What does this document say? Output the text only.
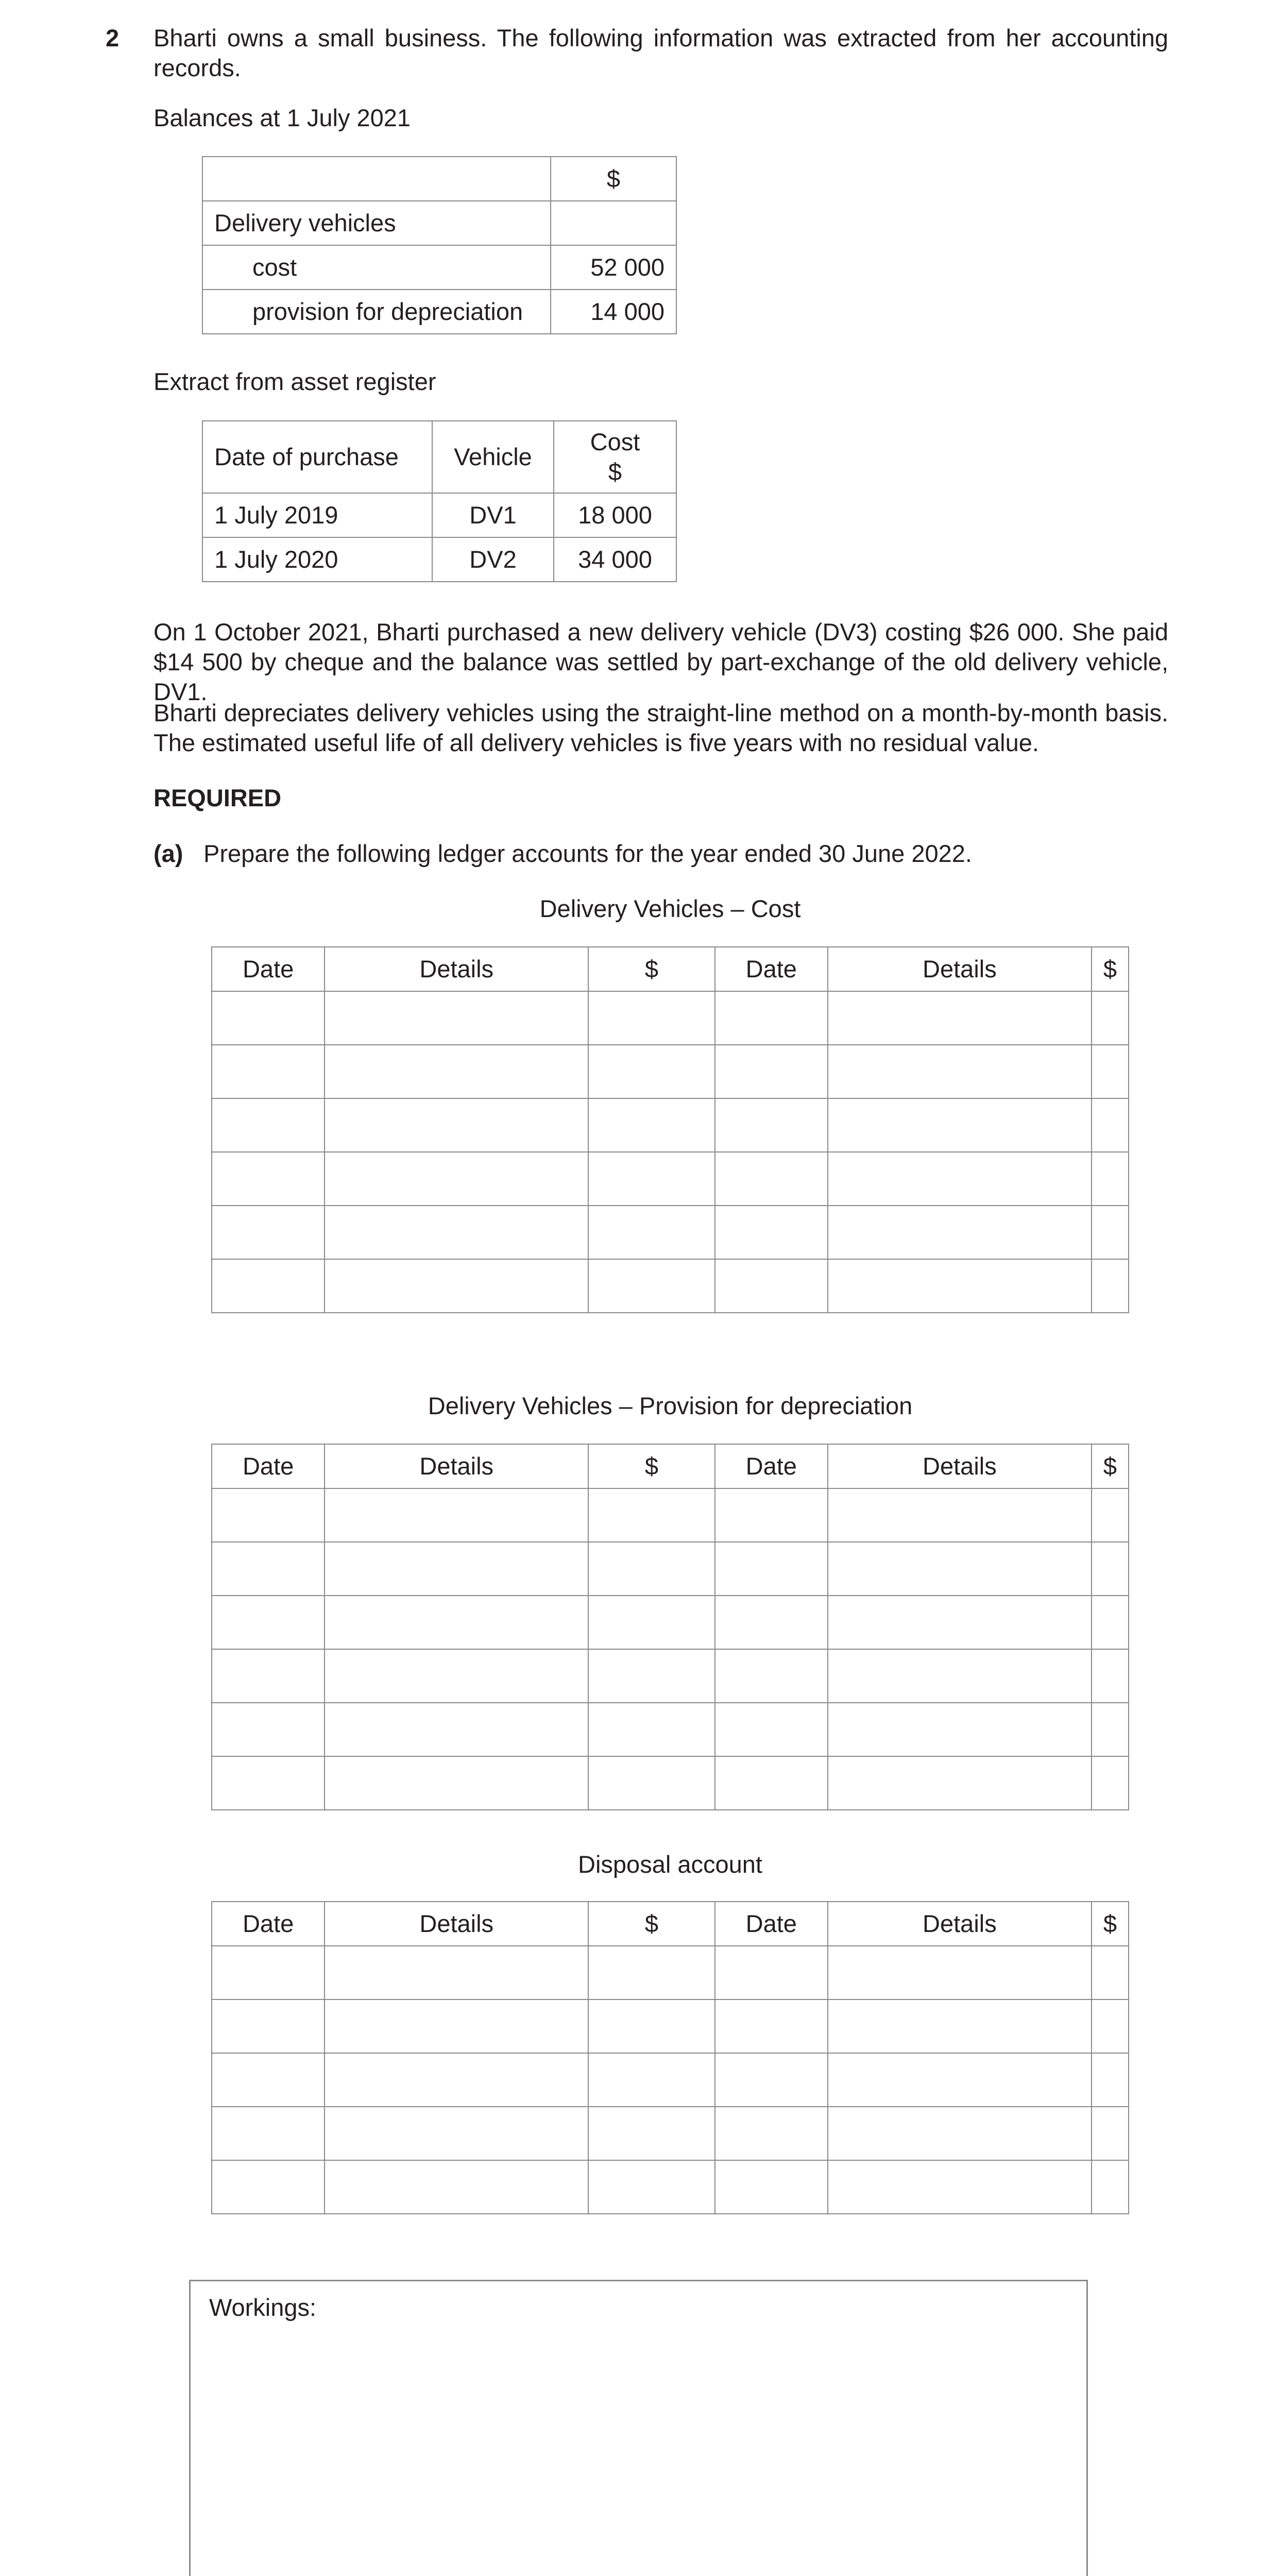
2 Bharti owns a small business. The following information was extracted from her accounting records.
Balances at 1 July 2021
	$
Delivery vehicles	
cost	52 000
provision for depreciation	14 000
Extract from asset register
Date of purchase	Vehicle	Cost
$

1 July 2019	DV1	18 000
1 July 2020	DV2	34 000
On 1 October 2021, Bharti purchased a new delivery vehicle (DV3) costing $26 000. She paid $14 500 by cheque and the balance was settled by part-exchange of the old delivery vehicle, DV1.
Bharti depreciates delivery vehicles using the straight-line method on a month-by-month basis. The estimated useful life of all delivery vehicles is five years with no residual value.
REQUIRED
(a) Prepare the following ledger accounts for the year ended 30 June 2022.
Delivery Vehicles – Cost
Date	Details	$	Date	Details	$

Delivery Vehicles – Provision for depreciation
Date	Details	$	Date	Details	$

Disposal account
Date	Details	$	Date	Details	$

Workings:
